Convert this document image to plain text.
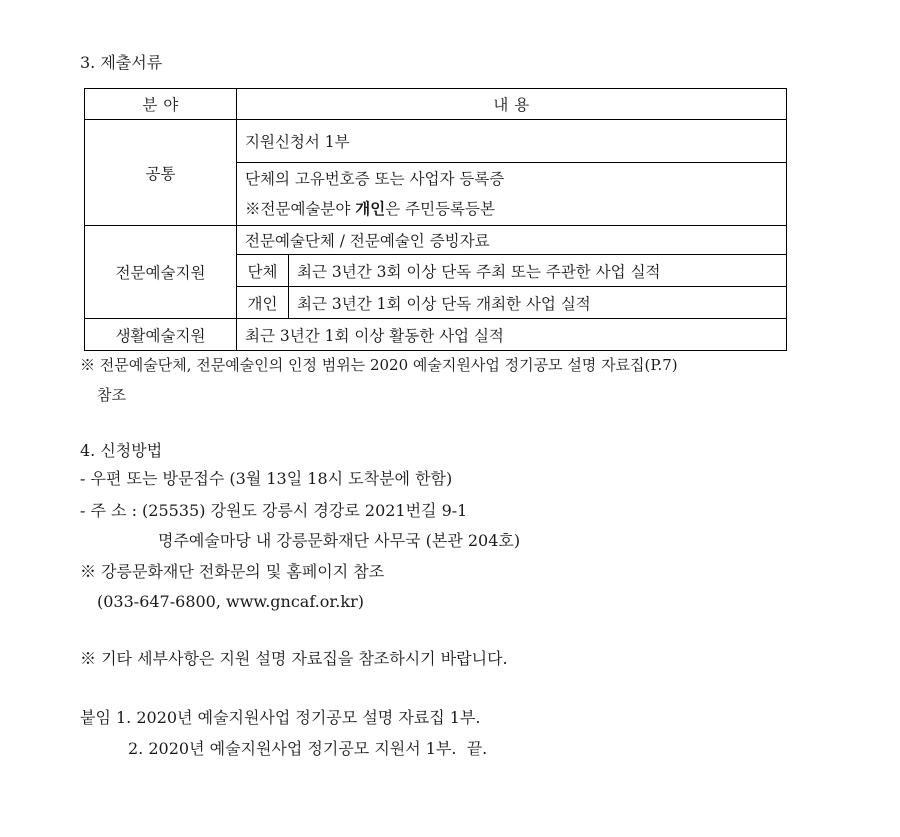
3. 제출서류
분 야	내 용	
공통	지원신청서 1부	
	단체의 고유번호증 또는 사업자 등록증
※전문예술분야 개인은 주민등록등본	
전문예술지원	전문예술단체 / 전문예술인 증빙자료	
	단체	최근 3년간 3회 이상 단독 주최 또는 주관한 사업 실적
	개인	최근 3년간 1회 이상 단독 개최한 사업 실적
생활예술지원	최근 3년간 1회 이상 활동한 사업 실적	
※ 전문예술단체, 전문예술인의 인정 범위는 2020 예술지원사업 정기공모 설명 자료집(P.7)
참조
4. 신청방법
- 우편 또는 방문접수 (3월 13일 18시 도착분에 한함)
- 주 소 : (25535) 강원도 강릉시 경강로 2021번길 9-1
명주예술마당 내 강릉문화재단 사무국 (본관 204호)
※ 강릉문화재단 전화문의 및 홈페이지 참조
(033-647-6800, www.gncaf.or.kr)
※ 기타 세부사항은 지원 설명 자료집을 참조하시기 바랍니다.
붙임 1. 2020년 예술지원사업 정기공모 설명 자료집 1부.
2. 2020년 예술지원사업 정기공모 지원서 1부.  끝.
